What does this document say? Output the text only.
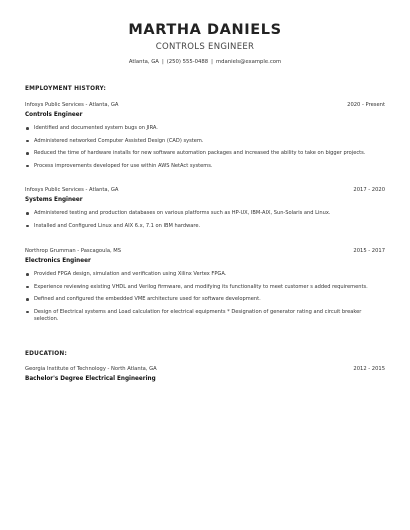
MARTHA DANIELS
CONTROLS ENGINEER
Atlanta, GA | (250) 555-0488 | mdaniels@example.com
EMPLOYMENT HISTORY:
Infosys Public Services - Atlanta, GA	2020 - Present
Controls Engineer
Identified and documented system bugs on JIRA.
Administered networked Computer Assisted Design (CAD) system.
Reduced the time of hardware installs for new software automation packages and increased the ability to take on bigger projects.
Process improvements developed for use within AWS NetAct systems.
Infosys Public Services - Atlanta, GA	2017 - 2020
Systems Engineer
Administered testing and production databases on various platforms such as HP-UX, IBM-AIX, Sun-Solaris and Linux.
Installed and Configured Linux and AIX 6.x, 7.1 on IBM hardware.
Northrop Grumman - Pascagoula, MS	2015 - 2017
Electronics Engineer
Provided FPGA design, simulation and verification using Xilinx Vertex FPGA.
Experience reviewing existing VHDL and Verilog firmware, and modifying its functionality to meet customer s added requirements.
Defined and configured the embedded VME architecture used for software development.
Design of Electrical systems and Load calculation for electrical equipments * Designation of generator rating and circuit breaker selection.
EDUCATION:
Georgia Institute of Technology - North Atlanta, GA	2012 - 2015
Bachelor's Degree Electrical Engineering
